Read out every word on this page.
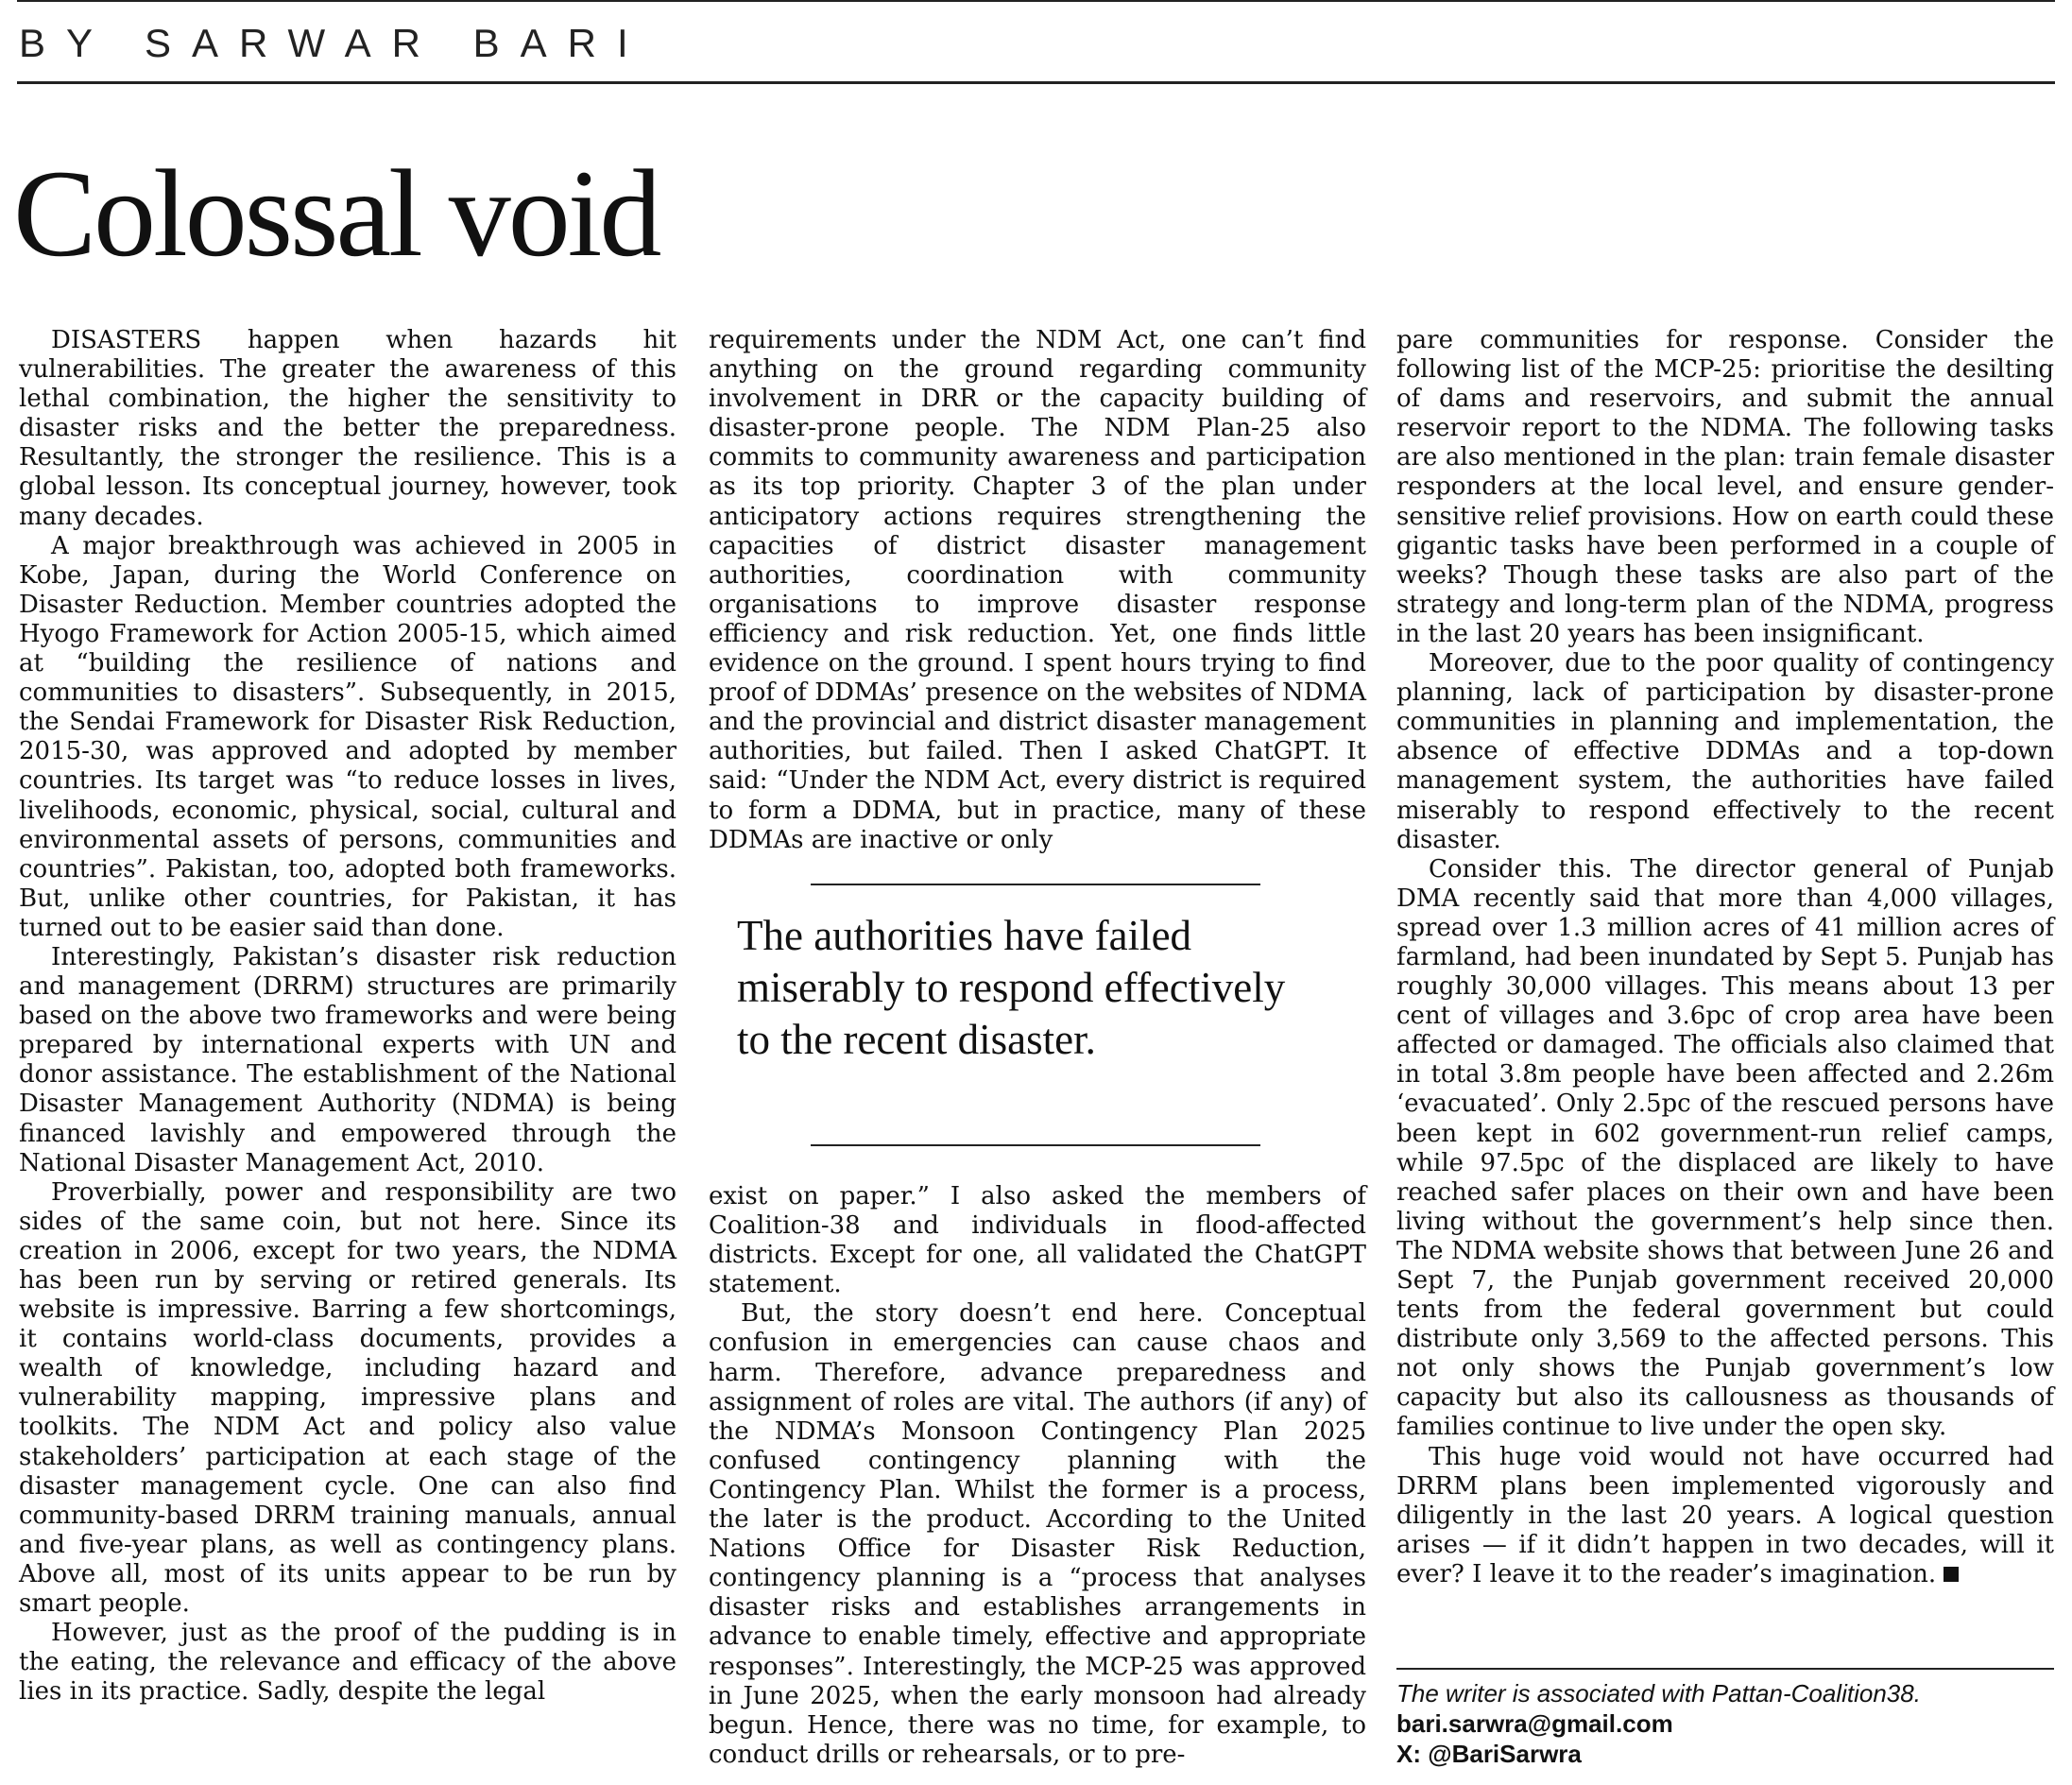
BY SARWAR BARI
Colossal void

DISASTERS happen when hazards hit vulnerabilities. The greater the awareness of this lethal combination, the higher the sensitivity to disaster risks and the better the preparedness. Resultantly, the stronger the resilience. This is a global lesson. Its conceptual journey, however, took many decades.

A major breakthrough was achieved in 2005 in Kobe, Japan, during the World Conference on Disaster Reduction. Member countries adopted the Hyogo Framework for Action 2005-15, which aimed at “building the resilience of nations and communities to disasters”. Subsequently, in 2015, the Sendai Framework for Disaster Risk Reduction, 2015-30, was approved and adopted by member countries. Its target was “to reduce losses in lives, livelihoods, economic, physical, social, cultural and environmental assets of persons, communities and countries”. Pakistan, too, adopted both frameworks. But, unlike other countries, for Pakistan, it has turned out to be easier said than done.

Interestingly, Pakistan’s disaster risk reduction and management (DRRM) structures are primarily based on the above two frameworks and were being prepared by international experts with UN and donor assistance. The establishment of the National Disaster Management Authority (NDMA) is being financed lavishly and empowered through the National Disaster Management Act, 2010.

Proverbially, power and responsibility are two sides of the same coin, but not here. Since its creation in 2006, except for two years, the NDMA has been run by serving or retired generals. Its website is impressive. Barring a few shortcomings, it contains world-class documents, provides a wealth of knowledge, including hazard and vulnerability mapping, impressive plans and toolkits. The NDM Act and policy also value stakeholders’ participation at each stage of the disaster management cycle. One can also find community-based DRRM training manuals, annual and five-year plans, as well as contingency plans. Above all, most of its units appear to be run by smart people.

However, just as the proof of the pudding is in the eating, the relevance and efficacy of the above lies in its practice. Sadly, despite the legal

requirements under the NDM Act, one can’t find anything on the ground regarding community involvement in DRR or the capacity building of disaster-prone people. The NDM Plan-25 also commits to community awareness and participation as its top priority. Chapter 3 of the plan under anticipatory actions requires strengthening the capacities of district disaster management authorities, coordination with community organisations to improve disaster response efficiency and risk reduction. Yet, one finds little evidence on the ground. I spent hours trying to find proof of DDMAs’ presence on the websites of NDMA and the provincial and district disaster management authorities, but failed. Then I asked ChatGPT. It said: “Under the NDM Act, every district is required to form a DDMA, but in practice, many of these DDMAs are inactive or only

The authorities have failed miserably to respond effectively to the recent disaster.

exist on paper.” I also asked the members of Coalition-38 and individuals in flood-affected districts. Except for one, all validated the ChatGPT statement.

But, the story doesn’t end here. Conceptual confusion in emergencies can cause chaos and harm. Therefore, advance preparedness and assignment of roles are vital. The authors (if any) of the NDMA’s Monsoon Contingency Plan 2025 confused contingency planning with the Contingency Plan. Whilst the former is a process, the later is the product. According to the United Nations Office for Disaster Risk Reduction, contingency planning is a “process that analyses disaster risks and establishes arrangements in advance to enable timely, effective and appropriate responses”. Interestingly, the MCP-25 was approved in June 2025, when the early monsoon had already begun. Hence, there was no time, for example, to conduct drills or rehearsals, or to pre-

pare communities for response. Consider the following list of the MCP-25: prioritise the desilting of dams and reservoirs, and submit the annual reservoir report to the NDMA. The following tasks are also mentioned in the plan: train female disaster responders at the local level, and ensure gender-sensitive relief provisions. How on earth could these gigantic tasks have been performed in a couple of weeks? Though these tasks are also part of the strategy and long-term plan of the NDMA, progress in the last 20 years has been insignificant.

Moreover, due to the poor quality of contingency planning, lack of participation by disaster-prone communities in planning and implementation, the absence of effective DDMAs and a top-down management system, the authorities have failed miserably to respond effectively to the recent disaster.

Consider this. The director general of Punjab DMA recently said that more than 4,000 villages, spread over 1.3 million acres of 41 million acres of farmland, had been inundated by Sept 5. Punjab has roughly 30,000 villages. This means about 13 per cent of villages and 3.6pc of crop area have been affected or damaged. The officials also claimed that in total 3.8m people have been affected and 2.26m ‘evacuated’. Only 2.5pc of the rescued persons have been kept in 602 government-run relief camps, while 97.5pc of the displaced are likely to have reached safer places on their own and have been living without the government’s help since then. The NDMA website shows that between June 26 and Sept 7, the Punjab government received 20,000 tents from the federal government but could distribute only 3,569 to the affected persons. This not only shows the Punjab government’s low capacity but also its callousness as thousands of families continue to live under the open sky.

This huge void would not have occurred had DRRM plans been implemented vigorously and diligently in the last 20 years. A logical question arises — if it didn’t happen in two decades, will it ever? I leave it to the reader’s imagination.

The writer is associated with Pattan-Coalition38.
bari.sarwra@gmail.com
X: @BariSarwra
